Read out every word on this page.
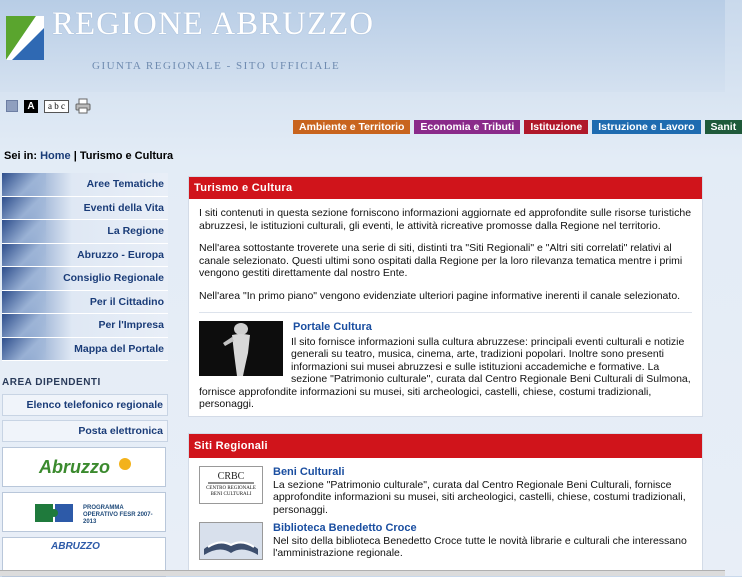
REGIONE ABRUZZO
GIUNTA REGIONALE - SITO UFFICIALE
A	a b c
Ambiente e Territorio	Economia e Tributi	Istituzione	Istruzione e Lavoro	Sanit
Sei in: Home | Turismo e Cultura
Aree Tematiche
Eventi della Vita
La Regione
Abruzzo - Europa
Consiglio Regionale
Per il Cittadino
Per l'Impresa
Mappa del Portale
AREA DIPENDENTI
Elenco telefonico regionale
Posta elettronica
Abruzzo
PROGRAMMA OPERATIVO FESR 2007-2013
ABRUZZO
Turismo e Cultura

I siti contenuti in questa sezione forniscono informazioni aggiornate ed approfondite sulle risorse turistiche abruzzesi, le istituzioni culturali, gli eventi, le attività ricreative promosse dalla Regione nel territorio.

Nell'area sottostante troverete una serie di siti, distinti tra "Siti Regionali" e "Altri siti correlati" relativi al canale selezionato. Questi ultimi sono ospitati dalla Regione per la loro rilevanza tematica mentre i primi vengono gestiti direttamente dal nostro Ente.

Nell'area "In primo piano" vengono evidenziate ulteriori pagine informative inerenti il canale selezionato.

Portale Cultura
Il sito fornisce informazioni sulla cultura abruzzese: principali eventi culturali e notizie generali su teatro, musica, cinema, arte, tradizioni popolari. Inoltre sono presenti informazioni sui musei abruzzesi e sulle istituzioni accademiche e formative. La sezione "Patrimonio culturale", curata dal Centro Regionale Beni Culturali di Sulmona, fornisce approfondite informazioni su musei, siti archeologici, castelli, chiese, costumi tradizionali, personaggi.
Siti Regionali
CRBC
CENTRO REGIONALE BENI CULTURALI
Beni Culturali
La sezione "Patrimonio culturale", curata dal Centro Regionale Beni Culturali, fornisce approfondite informazioni su musei, siti archeologici, castelli, chiese, costumi tradizionali, personaggi.
Biblioteca Benedetto Croce
Nel sito della biblioteca Benedetto Croce tutte le novità librarie e culturali che interessano l'amministrazione regionale.
